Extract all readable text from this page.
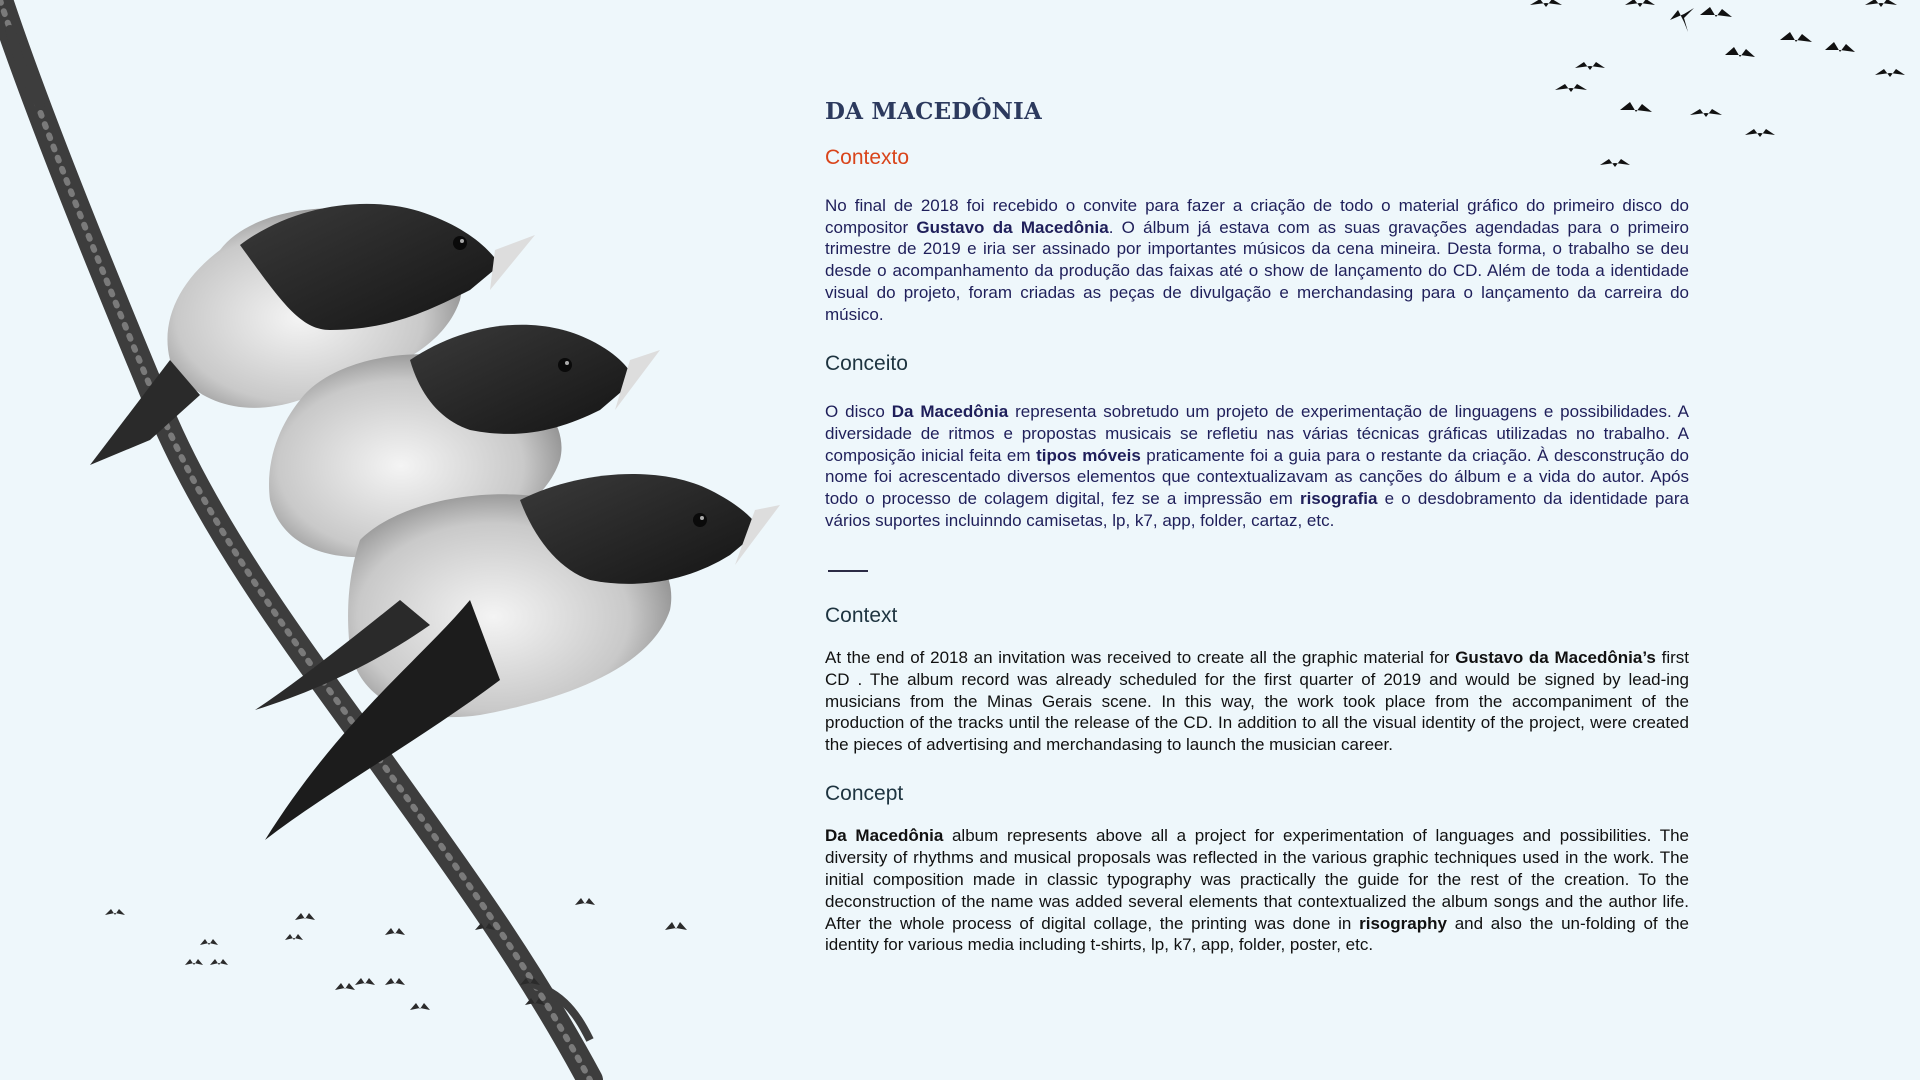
DA MACEDÔNIA
Contexto

No final de 2018 foi recebido o convite para fazer a criação de todo o material gráfico do primeiro disco do compositor Gustavo da Macedônia. O álbum já estava com as suas gravações agendadas para o primeiro trimestre de 2019 e iria ser assinado por importantes músicos da cena mineira. Desta forma, o trabalho se deu desde o acompanhamento da produção das faixas até o show de lançamento do CD. Além de toda a identidade visual do projeto, foram criadas as peças de divulgação e merchandasing para o lançamento da carreira do músico.

Conceito

O disco Da Macedônia representa sobretudo um projeto de experimentação de linguagens e possibilidades. A diversidade de ritmos e propostas musicais se refletiu nas várias técnicas gráficas utilizadas no trabalho. A composição inicial feita em tipos móveis praticamente foi a guia para o restante da criação. À desconstrução do nome foi acrescentado diversos elementos que contextualizavam as canções do álbum e a vida do autor. Após todo o processo de colagem digital, fez se a impressão em risografia e o desdobramento da identidade para vários suportes incluinndo camisetas, lp, k7, app, folder, cartaz, etc.

Context

At the end of 2018 an invitation was received to create all the graphic material for Gustavo da Macedônia’s first CD . The album record was already scheduled for the first quarter of 2019 and would be signed by lead-ing musicians from the Minas Gerais scene. In this way, the work took place from the accompaniment of the production of the tracks until the release of the CD. In addition to all the visual identity of the project, were created the pieces of advertising and merchandasing to launch the musician career.

Concept

Da Macedônia album represents above all a project for experimentation of languages and possibilities. The diversity of rhythms and musical proposals was reflected in the various graphic techniques used in the work. The initial composition made in classic typography was practically the guide for the rest of the creation. To the deconstruction of the name was added several elements that contextualized the album songs and the author life. After the whole process of digital collage, the printing was done in risography and also the un-folding of the identity for various media including t-shirts, lp, k7, app, folder, poster, etc.
